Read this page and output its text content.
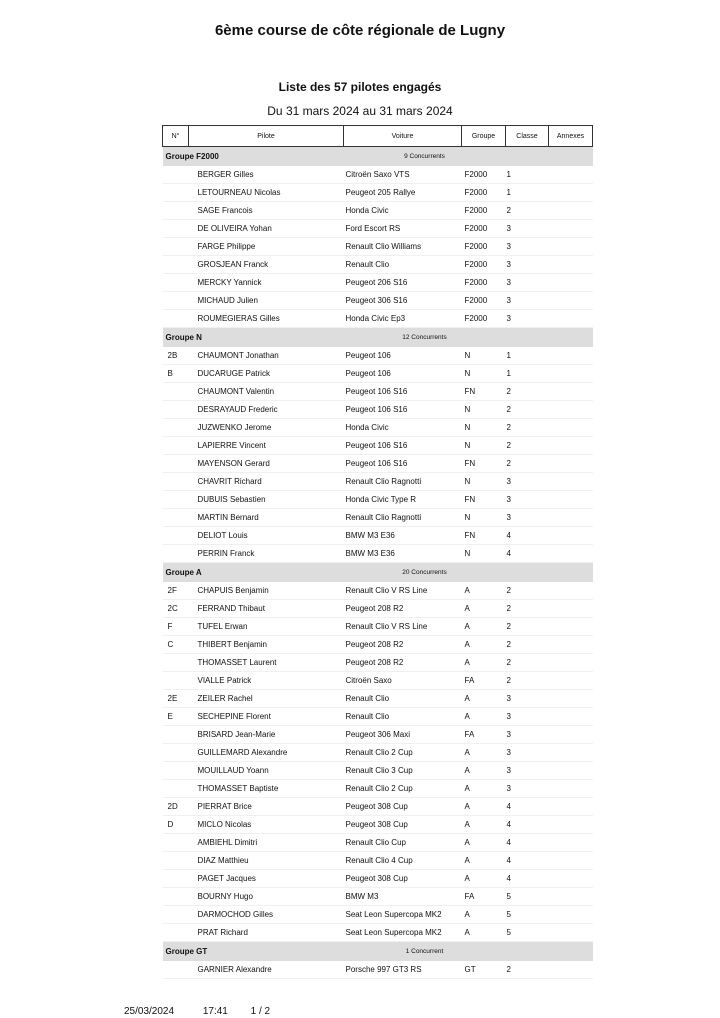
6ème course de côte régionale de Lugny
Liste des 57 pilotes engagés
Du 31 mars 2024 au 31 mars 2024
N°	Pilote	Voiture	Groupe	Classe	Annexes
Groupe F2000		9 Concurrents			
	BERGER Gilles	Citroën Saxo VTS	F2000	1	
	LETOURNEAU Nicolas	Peugeot 205 Rallye	F2000	1	
	SAGE Francois	Honda Civic	F2000	2	
	DE OLIVEIRA Yohan	Ford Escort RS	F2000	3	
	FARGE Philippe	Renault Clio Williams	F2000	3	
	GROSJEAN Franck	Renault Clio	F2000	3	
	MERCKY Yannick	Peugeot 206 S16	F2000	3	
	MICHAUD Julien	Peugeot 306 S16	F2000	3	
	ROUMEGIERAS Gilles	Honda Civic Ep3	F2000	3	
Groupe N		12 Concurrents			
2B	CHAUMONT Jonathan	Peugeot 106	N	1	
B	DUCARUGE Patrick	Peugeot 106	N	1	
	CHAUMONT Valentin	Peugeot 106 S16	FN	2	
	DESRAYAUD Frederic	Peugeot 106 S16	N	2	
	JUZWENKO Jerome	Honda Civic	N	2	
	LAPIERRE Vincent	Peugeot 106 S16	N	2	
	MAYENSON Gerard	Peugeot 106 S16	FN	2	
	CHAVRIT Richard	Renault Clio Ragnotti	N	3	
	DUBUIS Sebastien	Honda Civic Type R	FN	3	
	MARTIN Bernard	Renault Clio Ragnotti	N	3	
	DELIOT Louis	BMW M3 E36	FN	4	
	PERRIN Franck	BMW M3 E36	N	4	
Groupe A		20 Concurrents			
2F	CHAPUIS Benjamin	Renault Clio V RS Line	A	2	
2C	FERRAND Thibaut	Peugeot 208 R2	A	2	
F	TUFEL Erwan	Renault Clio V RS Line	A	2	
C	THIBERT Benjamin	Peugeot 208 R2	A	2	
	THOMASSET Laurent	Peugeot 208 R2	A	2	
	VIALLE Patrick	Citroën Saxo	FA	2	
2E	ZEILER Rachel	Renault Clio	A	3	
E	SECHEPINE Florent	Renault Clio	A	3	
	BRISARD Jean-Marie	Peugeot 306 Maxi	FA	3	
	GUILLEMARD Alexandre	Renault Clio 2 Cup	A	3	
	MOUILLAUD Yoann	Renault Clio 3 Cup	A	3	
	THOMASSET Baptiste	Renault Clio 2 Cup	A	3	
2D	PIERRAT Brice	Peugeot 308 Cup	A	4	
D	MICLO Nicolas	Peugeot 308 Cup	A	4	
	AMBIEHL Dimitri	Renault Clio Cup	A	4	
	DIAZ Matthieu	Renault Clio 4 Cup	A	4	
	PAGET Jacques	Peugeot 308 Cup	A	4	
	BOURNY Hugo	BMW M3	FA	5	
	DARMOCHOD Gilles	Seat Leon Supercopa MK2	A	5	
	PRAT Richard	Seat Leon Supercopa MK2	A	5	
Groupe GT		1 Concurrent			
	GARNIER Alexandre	Porsche 997 GT3 RS	GT	2	
25/03/2024	17:41 1 / 2
